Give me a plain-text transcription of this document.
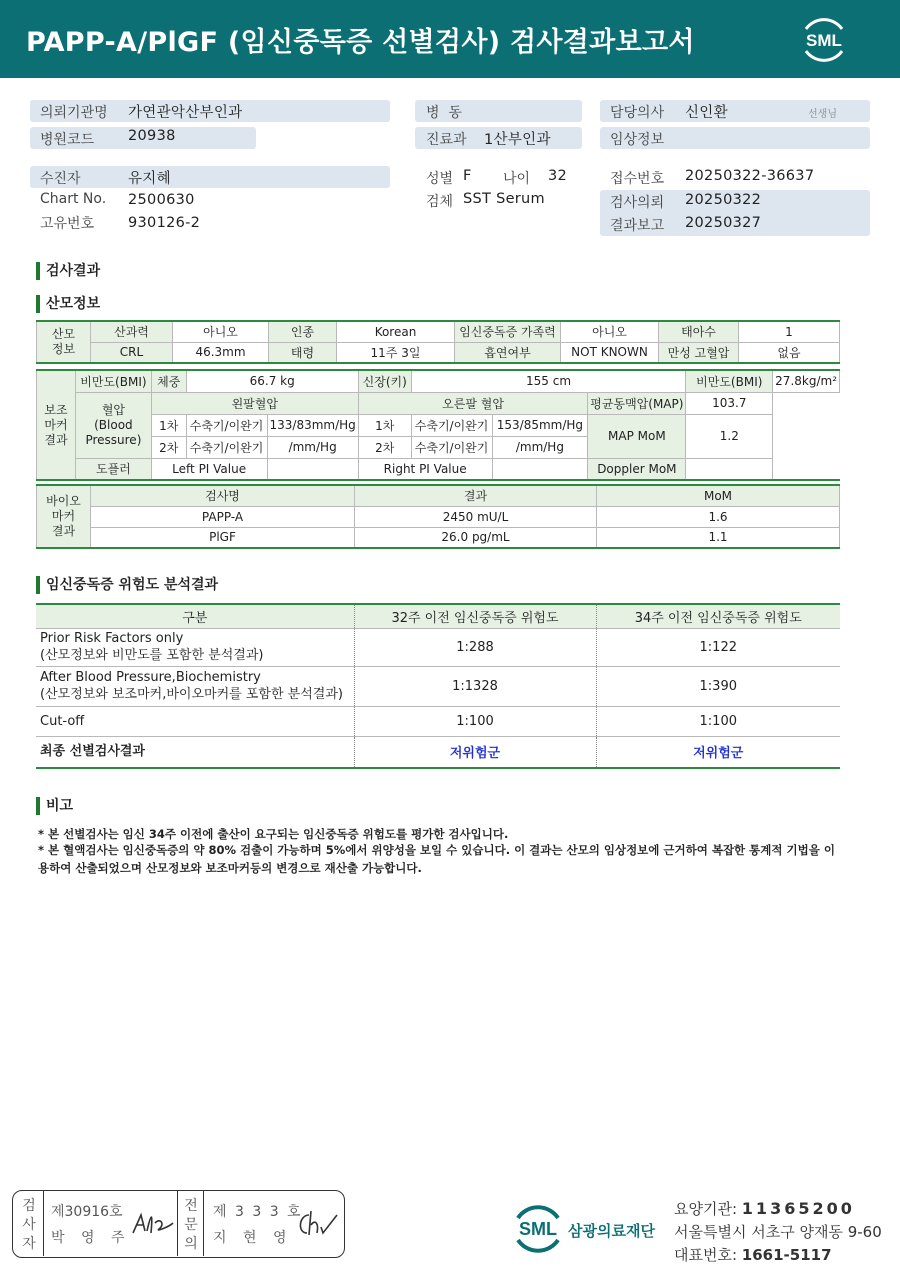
PAPP-A/PlGF (임신중독증 선별검사) 검사결과보고서	SML
의뢰기관명 가연관악산부인과
병원코드 20938
병  동
진료과 1산부인과
담당의사 신인환	선생님
임상정보
수진자	유지혜
Chart No. 2500630
고유번호 930126-2
성별 F 나이 32
검체 SST Serum
접수번호 20250322-36637
검사의뢰 20250322
결과보고 20250327
검사결과
산모정보
산모
정보	산과력	아니오	인종	Korean	임신중독증 가족력	아니오	태아수	1
	CRL	46.3mm	태령	11주 3일	흡연여부	NOT KNOWN	만성 고혈압	없음
보조
마커
결과	비만도(BMI)	체중	66.7 kg		신장(키)	155 cm			비만도(BMI)	27.8kg/m²
	혈압
(Blood
Pressure)	왼팔혈압			오른팔 혈압			평균동맥압(MAP)	103.7	
		1차	수축기/이완기	133/83mm/Hg	1차	수축기/이완기	153/85mm/Hg	MAP MoM	1.2	
		2차	수축기/이완기	/mm/Hg	2차	수축기/이완기	/mm/Hg			
	도플러	Left PI Value			Right PI Value			Doppler MoM		
바이오
마커
결과	검사명	결과	MoM
	PAPP-A	2450 mU/L	1.6
	PlGF	26.0 pg/mL	1.1
임신중독증 위험도 분석결과
구분	32주 이전 임신중독증 위험도	34주 이전 임신중독증 위험도

Prior Risk Factors only
(산모정보와 비만도를 포함한 분석결과)	1:288	1:122

After Blood Pressure,Biochemistry
(산모정보와 보조마커,바이오마커를 포함한 분석결과)	1:1328	1:390
Cut-off	1:100	1:100
최종 선별검사결과	저위험군	저위험군
비고
* 본 선별검사는 임신 34주 이전에 출산이 요구되는 임신중독증 위험도를 평가한 검사입니다.
* 본 혈액검사는 임신중독증의 약 80% 검출이 가능하며 5%에서 위양성을 보일 수 있습니다. 이 결과는 산모의 임상정보에 근거하여 복잡한 통계적 기법을 이용하여 산출되었으며 산모정보와 보조마커등의 변경으로 재산출 가능합니다.
검
사
자
제30916호
박 영 주
전
문
의
제 3 3 3 호
지 현 영	SML 삼광의료재단
요양기관: 11365200
서울특별시 서초구 양재동 9-60
대표번호: 1661-5117
